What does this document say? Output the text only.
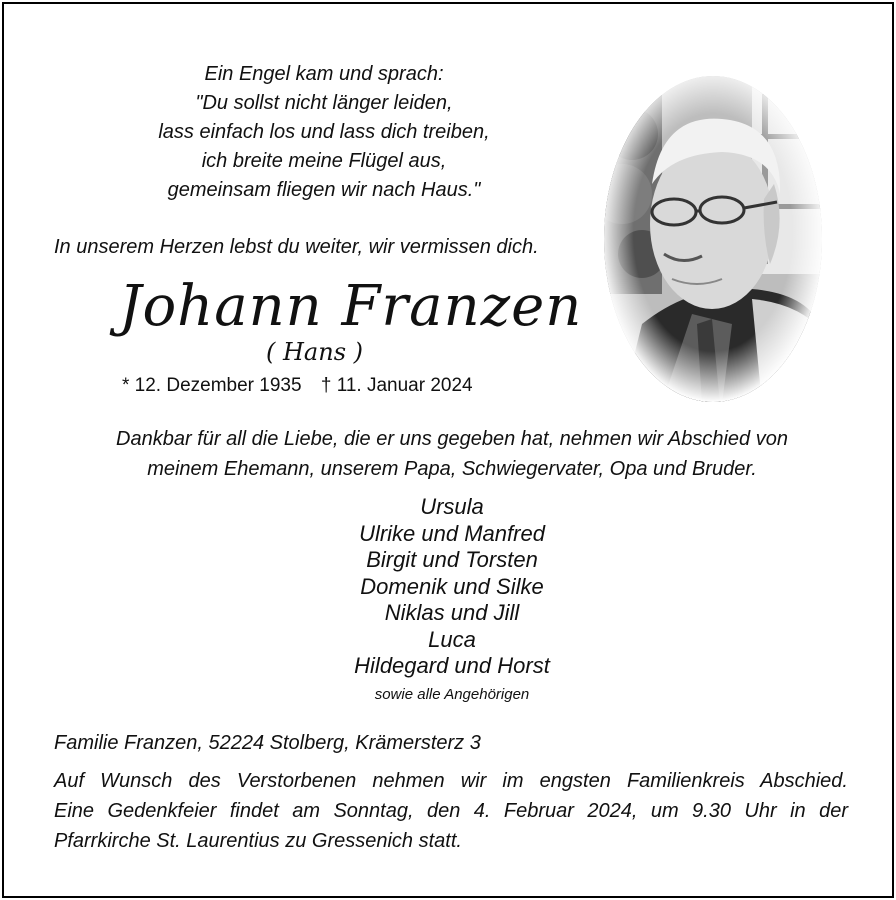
Ein Engel kam und sprach:
"Du sollst nicht länger leiden,
lass einfach los und lass dich treiben,
ich breite meine Flügel aus,
gemeinsam fliegen wir nach Haus."
In unserem Herzen lebst du weiter, wir vermissen dich.
Johann Franzen
( Hans )
* 12. Dezember 1935 † 11. Januar 2024
Dankbar für all die Liebe, die er uns gegeben hat, nehmen wir Abschied von
meinem Ehemann, unserem Papa, Schwiegervater, Opa und Bruder.
Ursula
Ulrike und Manfred
Birgit und Torsten
Domenik und Silke
Niklas und Jill
Luca
Hildegard und Horst
sowie alle Angehörigen
Familie Franzen, 52224 Stolberg, Krämersterz 3
Auf Wunsch des Verstorbenen nehmen wir im engsten Familienkreis Abschied.
Eine Gedenkfeier findet am Sonntag, den 4. Februar 2024, um 9.30 Uhr in der
Pfarrkirche St. Laurentius zu Gressenich statt.
